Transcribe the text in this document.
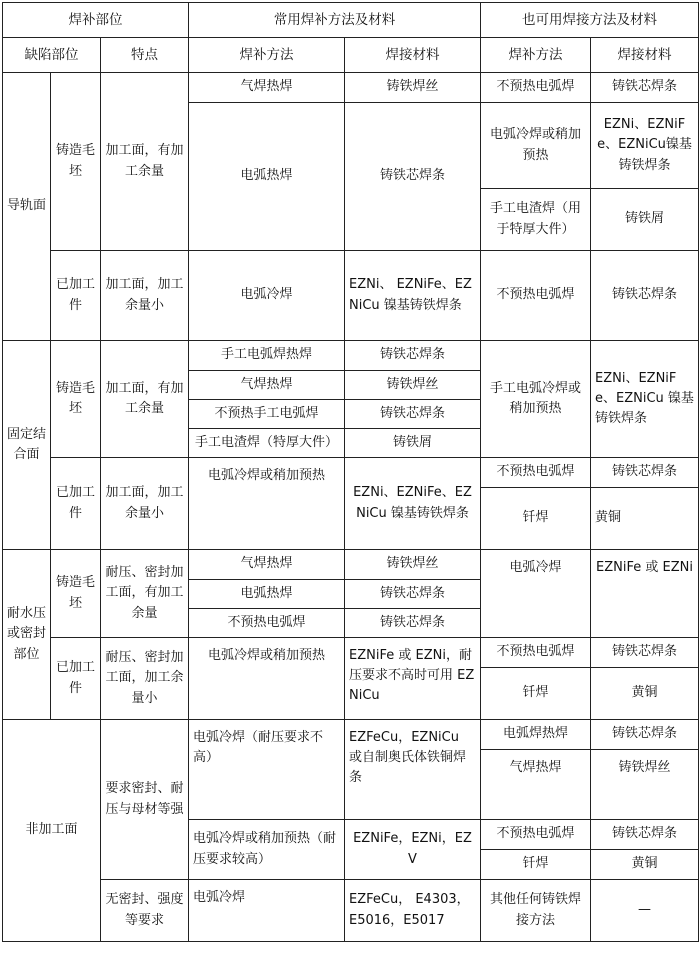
焊补部位			常用焊补方法及材料		也可用焊接方法及材料	
缺陷部位		特点	焊补方法	焊接材料	焊补方法	焊接材料
导轨面	铸造毛坯	加工面，有加工余量	气焊热焊	铸铁焊丝	不预热电弧焊	铸铁芯焊条
			电弧热焊	铸铁芯焊条	电弧冷焊或稍加预热	EZNi、EZNiFe、EZNiCu镍基铸铁焊条
					手工电渣焊（用于特厚大件）	铸铁屑
	已加工件	加工面，加工余量小	电弧冷焊	EZNi、 EZNiFe、EZNiCu 镍基铸铁焊条	不预热电弧焊	铸铁芯焊条
固定结合面	铸造毛坯	加工面，有加工余量	手工电弧焊热焊	铸铁芯焊条	手工电弧冷焊或稍加预热	EZNi、EZNiFe、EZNiCu 镍基铸铁焊条
			气焊热焊	铸铁焊丝		
			不预热手工电弧焊	铸铁芯焊条		
			手工电渣焊（特厚大件）	铸铁屑		
	已加工件	加工面，加工余量小	电弧冷焊或稍加预热	EZNi、EZNiFe、EZNiCu 镍基铸铁焊条	不预热电弧焊	铸铁芯焊条
					钎焊	黄铜
耐水压或密封部位	铸造毛坯	耐压、密封加工面，有加工余量	气焊热焊	铸铁焊丝	电弧冷焊	EZNiFe 或 EZNi
			电弧热焊	铸铁芯焊条		
			不预热电弧焊	铸铁芯焊条		
	已加工件	耐压、密封加工面，加工余量小	电弧冷焊或稍加预热	EZNiFe 或 EZNi，耐压要求不高时可用 EZNiCu	不预热电弧焊	铸铁芯焊条
					钎焊	黄铜
非加工面		要求密封、耐压与母材等强	电弧冷焊（耐压要求不高）	EZFeCu，EZNiCu 或自制奥氏体铁铜焊条	电弧焊热焊	铸铁芯焊条
					气焊热焊	铸铁焊丝
			电弧冷焊或稍加预热（耐压要求较高）	EZNiFe，EZNi，EZV	不预热电弧焊	铸铁芯焊条
					钎焊	黄铜
		无密封、强度等要求	电弧冷焊	EZFeCu， E4303，E5016，E5017	其他任何铸铁焊接方法	—
